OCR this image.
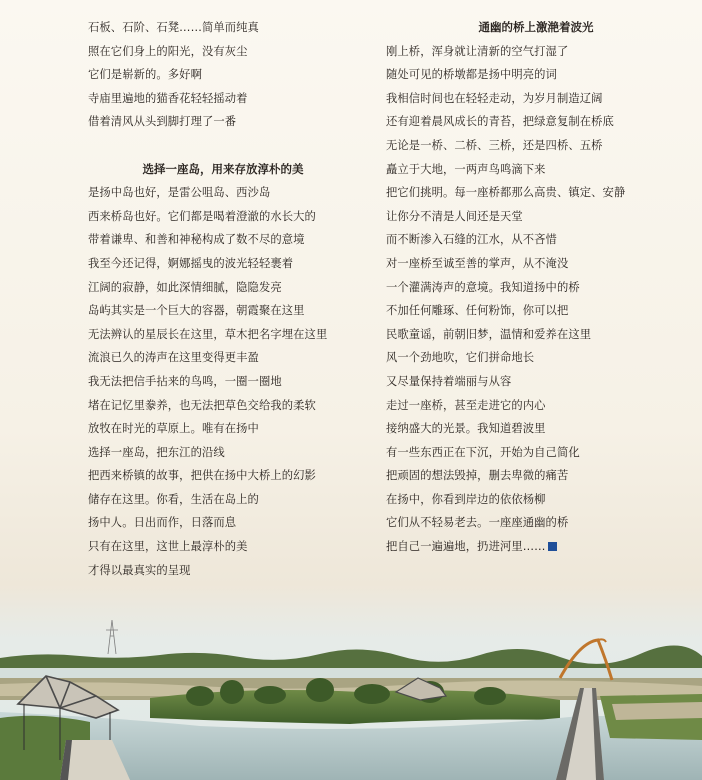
石板、石阶、石凳……简单而纯真
照在它们身上的阳光，没有灰尘
它们是崭新的。多好啊
寺庙里遍地的猫香花轻轻摇动着
借着清风从头到脚打理了一番
选择一座岛，用来存放淳朴的美
是扬中岛也好，是雷公咀岛、西沙岛
西来桥岛也好。它们都是喝着澄澈的水长大的
带着谦卑、和善和神秘构成了数不尽的意境
我至今还记得，婀娜摇曳的波光轻轻裹着
江阔的寂静，如此深情细腻，隐隐发亮
岛屿其实是一个巨大的容器，朝霞聚在这里
无法辨认的星辰长在这里，草木把名字埋在这里
流浪已久的涛声在这里变得更丰盈
我无法把信手拈来的鸟鸣，一圈一圈地
堵在记忆里豢养，也无法把草色交给我的柔软
放牧在时光的草原上。唯有在扬中
选择一座岛，把东江的沿线
把西来桥镇的故事，把供在扬中大桥上的幻影
储存在这里。你看，生活在岛上的
扬中人。日出而作，日落而息
只有在这里，这世上最淳朴的美
才得以最真实的呈现
通幽的桥上激滟着波光
刚上桥，浑身就让清新的空气打湿了
随处可见的桥墩都是扬中明亮的词
我相信时间也在轻轻走动，为岁月制造辽阔
还有迎着晨风成长的青苔，把绿意复制在桥底
无论是一桥、二桥、三桥，还是四桥、五桥
矗立于大地，一两声鸟鸣滴下来
把它们挑明。每一座桥都那么高贵、镇定、安静
让你分不清是人间还是天堂
而不断渗入石缝的江水，从不吝惜
对一座桥至诚至善的掌声，从不淹没
一个灌满涛声的意境。我知道扬中的桥
不加任何雕琢、任何粉饰，你可以把
民歌童谣，前朝旧梦，温情和爱养在这里
风一个劲地吹，它们拼命地长
又尽量保持着端丽与从容
走过一座桥，甚至走进它的内心
接纳盛大的光景。我知道碧波里
有一些东西正在下沉，开始为自己简化
把顽固的想法毁掉，删去卑微的痛苦
在扬中，你看到岸边的依依杨柳
它们从不轻易老去。一座座通幽的桥
把自己一遍遍地，扔进河里……
